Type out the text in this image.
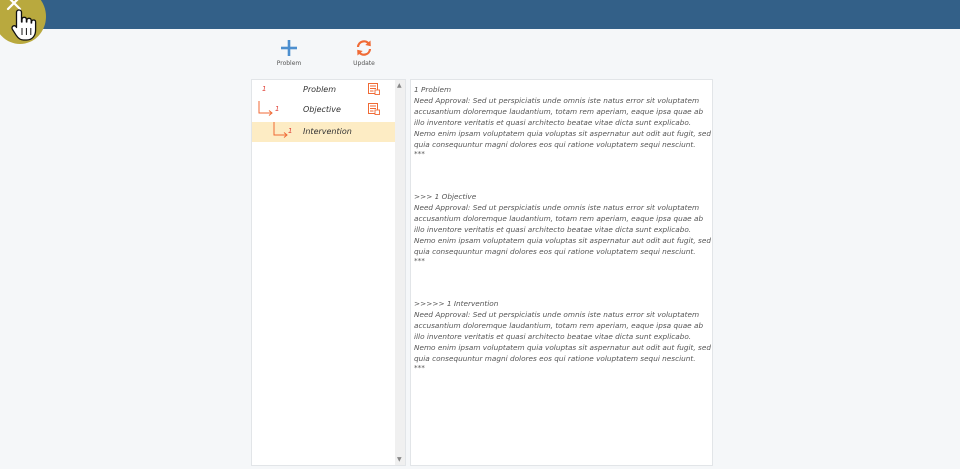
Problem	Update
1	Problem
1	Objective
1 Intervention
▲
▼
1 Problem
Need Approval: Sed ut perspiciatis unde omnis iste natus error sit voluptatem accusantium doloremque laudantium, totam rem aperiam, eaque ipsa quae ab illo inventore veritatis et quasi architecto beatae vitae dicta sunt explicabo. Nemo enim ipsam voluptatem quia voluptas sit aspernatur aut odit aut fugit, sed quia consequuntur magni dolores eos qui ratione voluptatem sequi nesciunt.
***
>>> 1 Objective
Need Approval: Sed ut perspiciatis unde omnis iste natus error sit voluptatem accusantium doloremque laudantium, totam rem aperiam, eaque ipsa quae ab illo inventore veritatis et quasi architecto beatae vitae dicta sunt explicabo. Nemo enim ipsam voluptatem quia voluptas sit aspernatur aut odit aut fugit, sed quia consequuntur magni dolores eos qui ratione voluptatem sequi nesciunt.
***
>>>>> 1 Intervention
Need Approval: Sed ut perspiciatis unde omnis iste natus error sit voluptatem accusantium doloremque laudantium, totam rem aperiam, eaque ipsa quae ab illo inventore veritatis et quasi architecto beatae vitae dicta sunt explicabo. Nemo enim ipsam voluptatem quia voluptas sit aspernatur aut odit aut fugit, sed quia consequuntur magni dolores eos qui ratione voluptatem sequi nesciunt.
***
